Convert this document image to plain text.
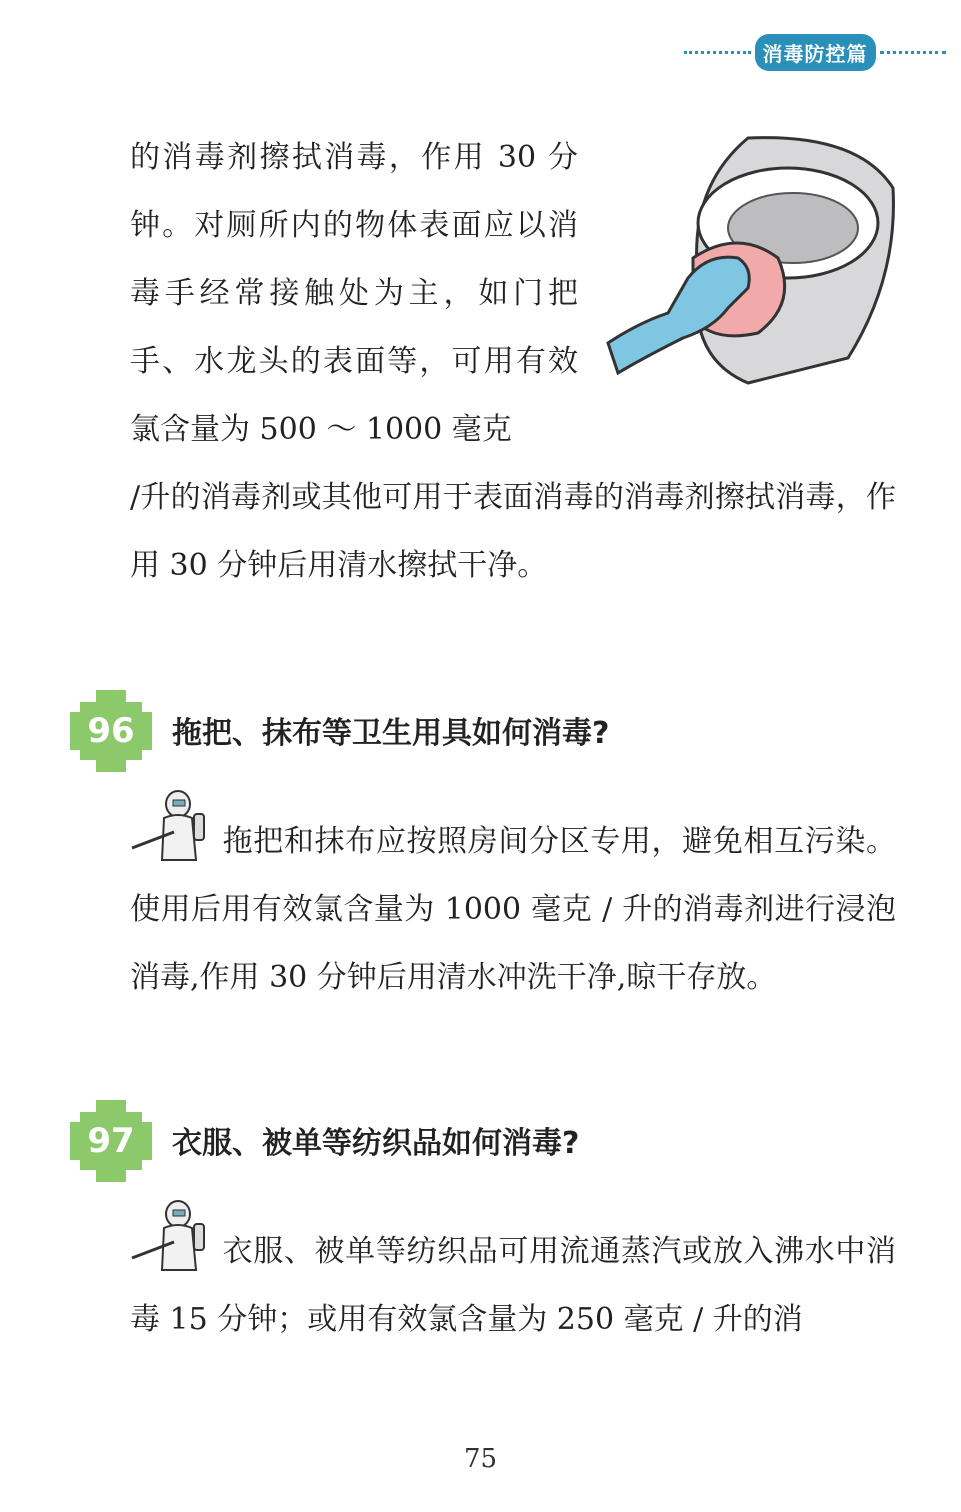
消毒防控篇

的消毒剂擦拭消毒，作用 30 分钟。对厕所内的物体表面应以消毒手经常接触处为主，如门把手、水龙头的表面等，可用有效氯含量为 500 ～ 1000 毫克

/升的消毒剂或其他可用于表面消毒的消毒剂擦拭消毒，作用 30 分钟后用清水擦拭干净。

96 拖把、抹布等卫生用具如何消毒?

拖把和抹布应按照房间分区专用，避免相互污染。使用后用有效氯含量为 1000 毫克 / 升的消毒剂进行浸泡消毒,作用 30 分钟后用清水冲洗干净,晾干存放。

97 衣服、被单等纺织品如何消毒?

衣服、被单等纺织品可用流通蒸汽或放入沸水中消毒 15 分钟；或用有效氯含量为 250 毫克 / 升的消

75
